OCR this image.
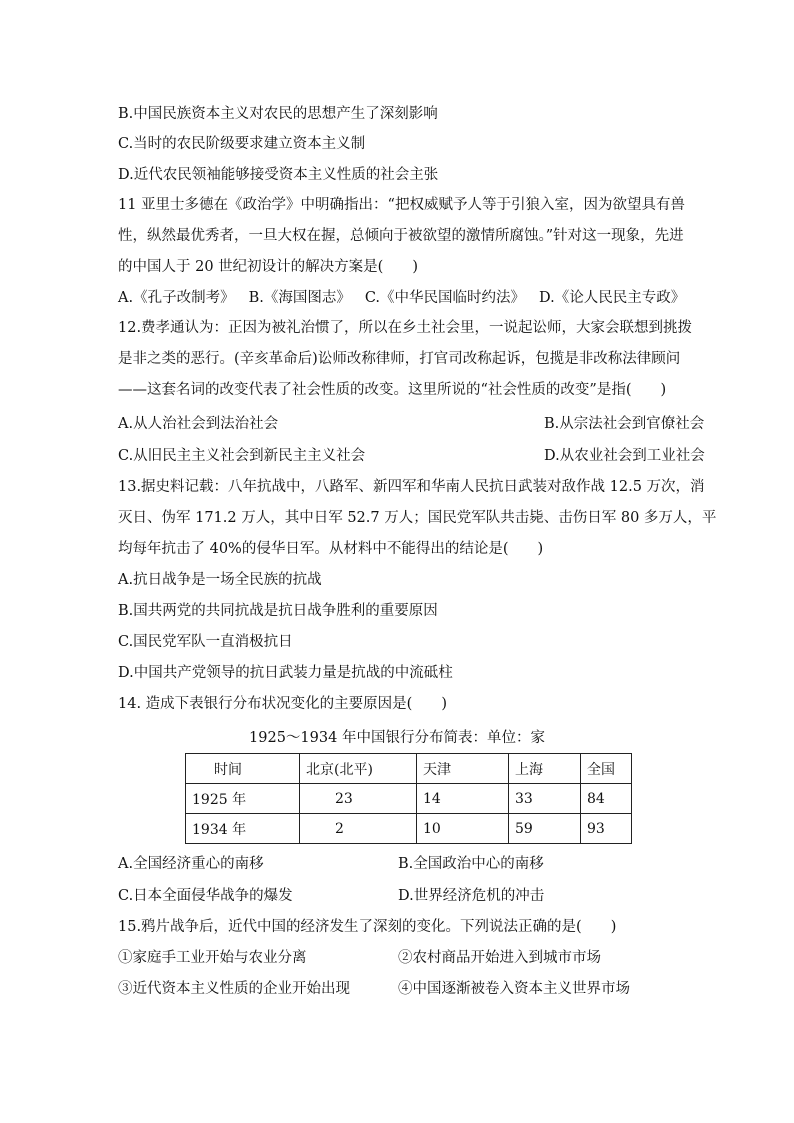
B.中国民族资本主义对农民的思想产生了深刻影响
C.当时的农民阶级要求建立资本主义制
D.近代农民领袖能够接受资本主义性质的社会主张
11 亚里士多德在《政治学》中明确指出：“把权威赋予人等于引狼入室，因为欲望具有兽
性，纵然最优秀者，一旦大权在握，总倾向于被欲望的激情所腐蚀。”针对这一现象，先进
的中国人于 20 世纪初设计的解决方案是(　　)
A.《孔子改制考》 B.《海国图志》 C.《中华民国临时约法》 D.《论人民民主专政》
12.费孝通认为：正因为被礼治惯了，所以在乡土社会里，一说起讼师，大家会联想到挑拨
是非之类的恶行。(辛亥革命后)讼师改称律师，打官司改称起诉，包揽是非改称法律顾问
——这套名词的改变代表了社会性质的改变。这里所说的“社会性质的改变”是指(　　)
A.从人治社会到法治社会	B.从宗法社会到官僚社会
C.从旧民主主义社会到新民主主义社会	D.从农业社会到工业社会
13.据史料记载：八年抗战中，八路军、新四军和华南人民抗日武装对敌作战 12.5 万次，消
灭日、伪军 171.2 万人，其中日军 52.7 万人；国民党军队共击毙、击伤日军 80 多万人，平
均每年抗击了 40%的侵华日军。从材料中不能得出的结论是(　　)
A.抗日战争是一场全民族的抗战
B.国共两党的共同抗战是抗日战争胜利的重要原因
C.国民党军队一直消极抗日
D.中国共产党领导的抗日武装力量是抗战的中流砥柱
14. 造成下表银行分布状况变化的主要原因是(　　)
1925～1934 年中国银行分布简表：单位：家
时间	北京(北平)	天津	上海	全国
1925 年	23	14	33	84
1934 年	2	10	59	93
A.全国经济重心的南移	B.全国政治中心的南移
C.日本全面侵华战争的爆发	D.世界经济危机的冲击
15.鸦片战争后，近代中国的经济发生了深刻的变化。下列说法正确的是(　　)
①家庭手工业开始与农业分离	②农村商品开始进入到城市市场
③近代资本主义性质的企业开始出现	④中国逐渐被卷入资本主义世界市场
